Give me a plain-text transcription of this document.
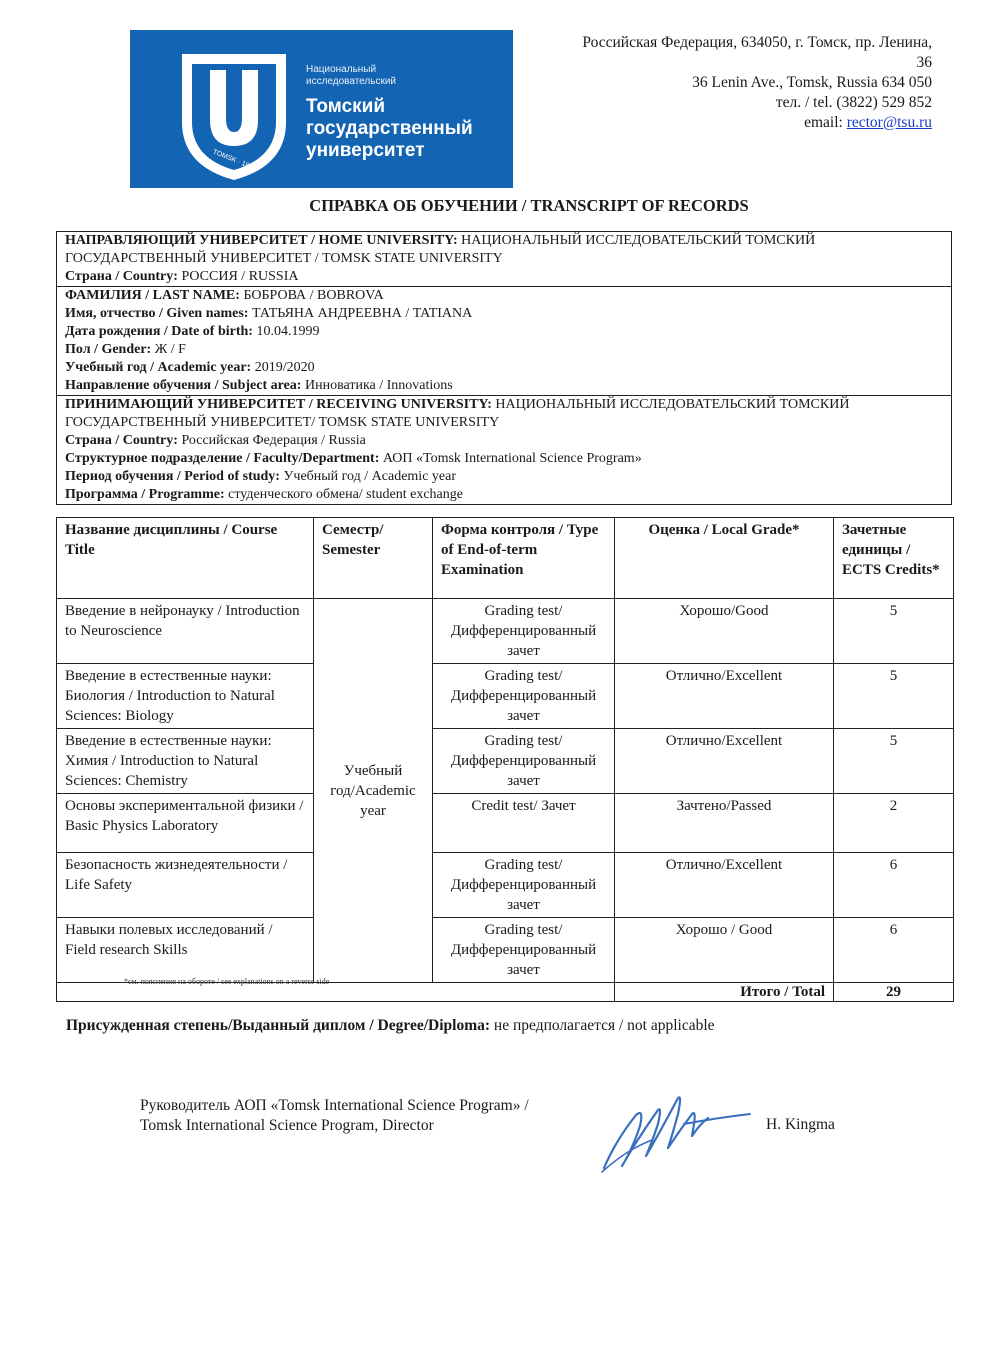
TOMSK · 1878
Национальный
исследовательский
Томский
государственный
университет
Российская Федерация, 634050, г. Томск, пр. Ленина,
36
36 Lenin Ave., Tomsk, Russia 634 050
тел. / tel. (3822) 529 852
email: rector@tsu.ru
СПРАВКА ОБ ОБУЧЕНИИ / TRANSCRIPT OF RECORDS
НАПРАВЛЯЮЩИЙ УНИВЕРСИТЕТ / HOME UNIVERSITY: НАЦИОНАЛЬНЫЙ ИССЛЕДОВАТЕЛЬСКИЙ ТОМСКИЙ
ГОСУДАРСТВЕННЫЙ УНИВЕРСИТЕТ / TOMSK STATE UNIVERSITY
Страна / Country: РОССИЯ / RUSSIA
ФАМИЛИЯ / LAST NAME: БОБРОВА / BOBROVA
Имя, отчество / Given names: ТАТЬЯНА АНДРЕЕВНА / TATIANA
Дата рождения / Date of birth: 10.04.1999
Пол / Gender: Ж / F
Учебный год / Academic year: 2019/2020
Направление обучения / Subject area: Инноватика / Innovations
ПРИНИМАЮЩИЙ УНИВЕРСИТЕТ / RECEIVING UNIVERSITY: НАЦИОНАЛЬНЫЙ ИССЛЕДОВАТЕЛЬСКИЙ ТОМСКИЙ
ГОСУДАРСТВЕННЫЙ УНИВЕРСИТЕТ/ TOMSK STATE UNIVERSITY
Страна / Country: Российская Федерация / Russia
Структурное подразделение / Faculty/Department: АОП «Tomsk International Science Program»
Период обучения / Period of study: Учебный год / Academic year
Программа / Programme: студенческого обмена/ student exchange
Название дисциплины / Course Title	Семестр/ Semester	Форма контроля / Type of End-of-term Examination	Оценка / Local Grade*	Зачетные единицы / ECTS Credits*
Введение в нейронауку / Introduction to Neuroscience	Учебный год/Academic year	Grading test/ Дифференцированный зачет	Хорошо/Good	5
Введение в естественные науки: Биология / Introduction to Natural Sciences: Biology		Grading test/ Дифференцированный зачет	Отлично/Excellent	5
Введение в естественные науки: Химия / Introduction to Natural Sciences: Chemistry		Grading test/ Дифференцированный зачет	Отлично/Excellent	5
Основы экспериментальной физики / Basic Physics Laboratory		Credit test/ Зачет	Зачтено/Passed	2
Безопасность жизнедеятельности / Life Safety		Grading test/ Дифференцированный зачет	Отлично/Excellent	6
Навыки полевых исследований / Field research Skills		Grading test/ Дифференцированный зачет	Хорошо / Good	6
			Итого / Total	29
*см. пояснения на обороте / see explanations on a reverse side
Присужденная степень/Выданный диплом / Degree/Diploma: не предполагается / not applicable
Руководитель АОП «Tomsk International Science Program» /
Tomsk International Science Program, Director	H. Kingma
